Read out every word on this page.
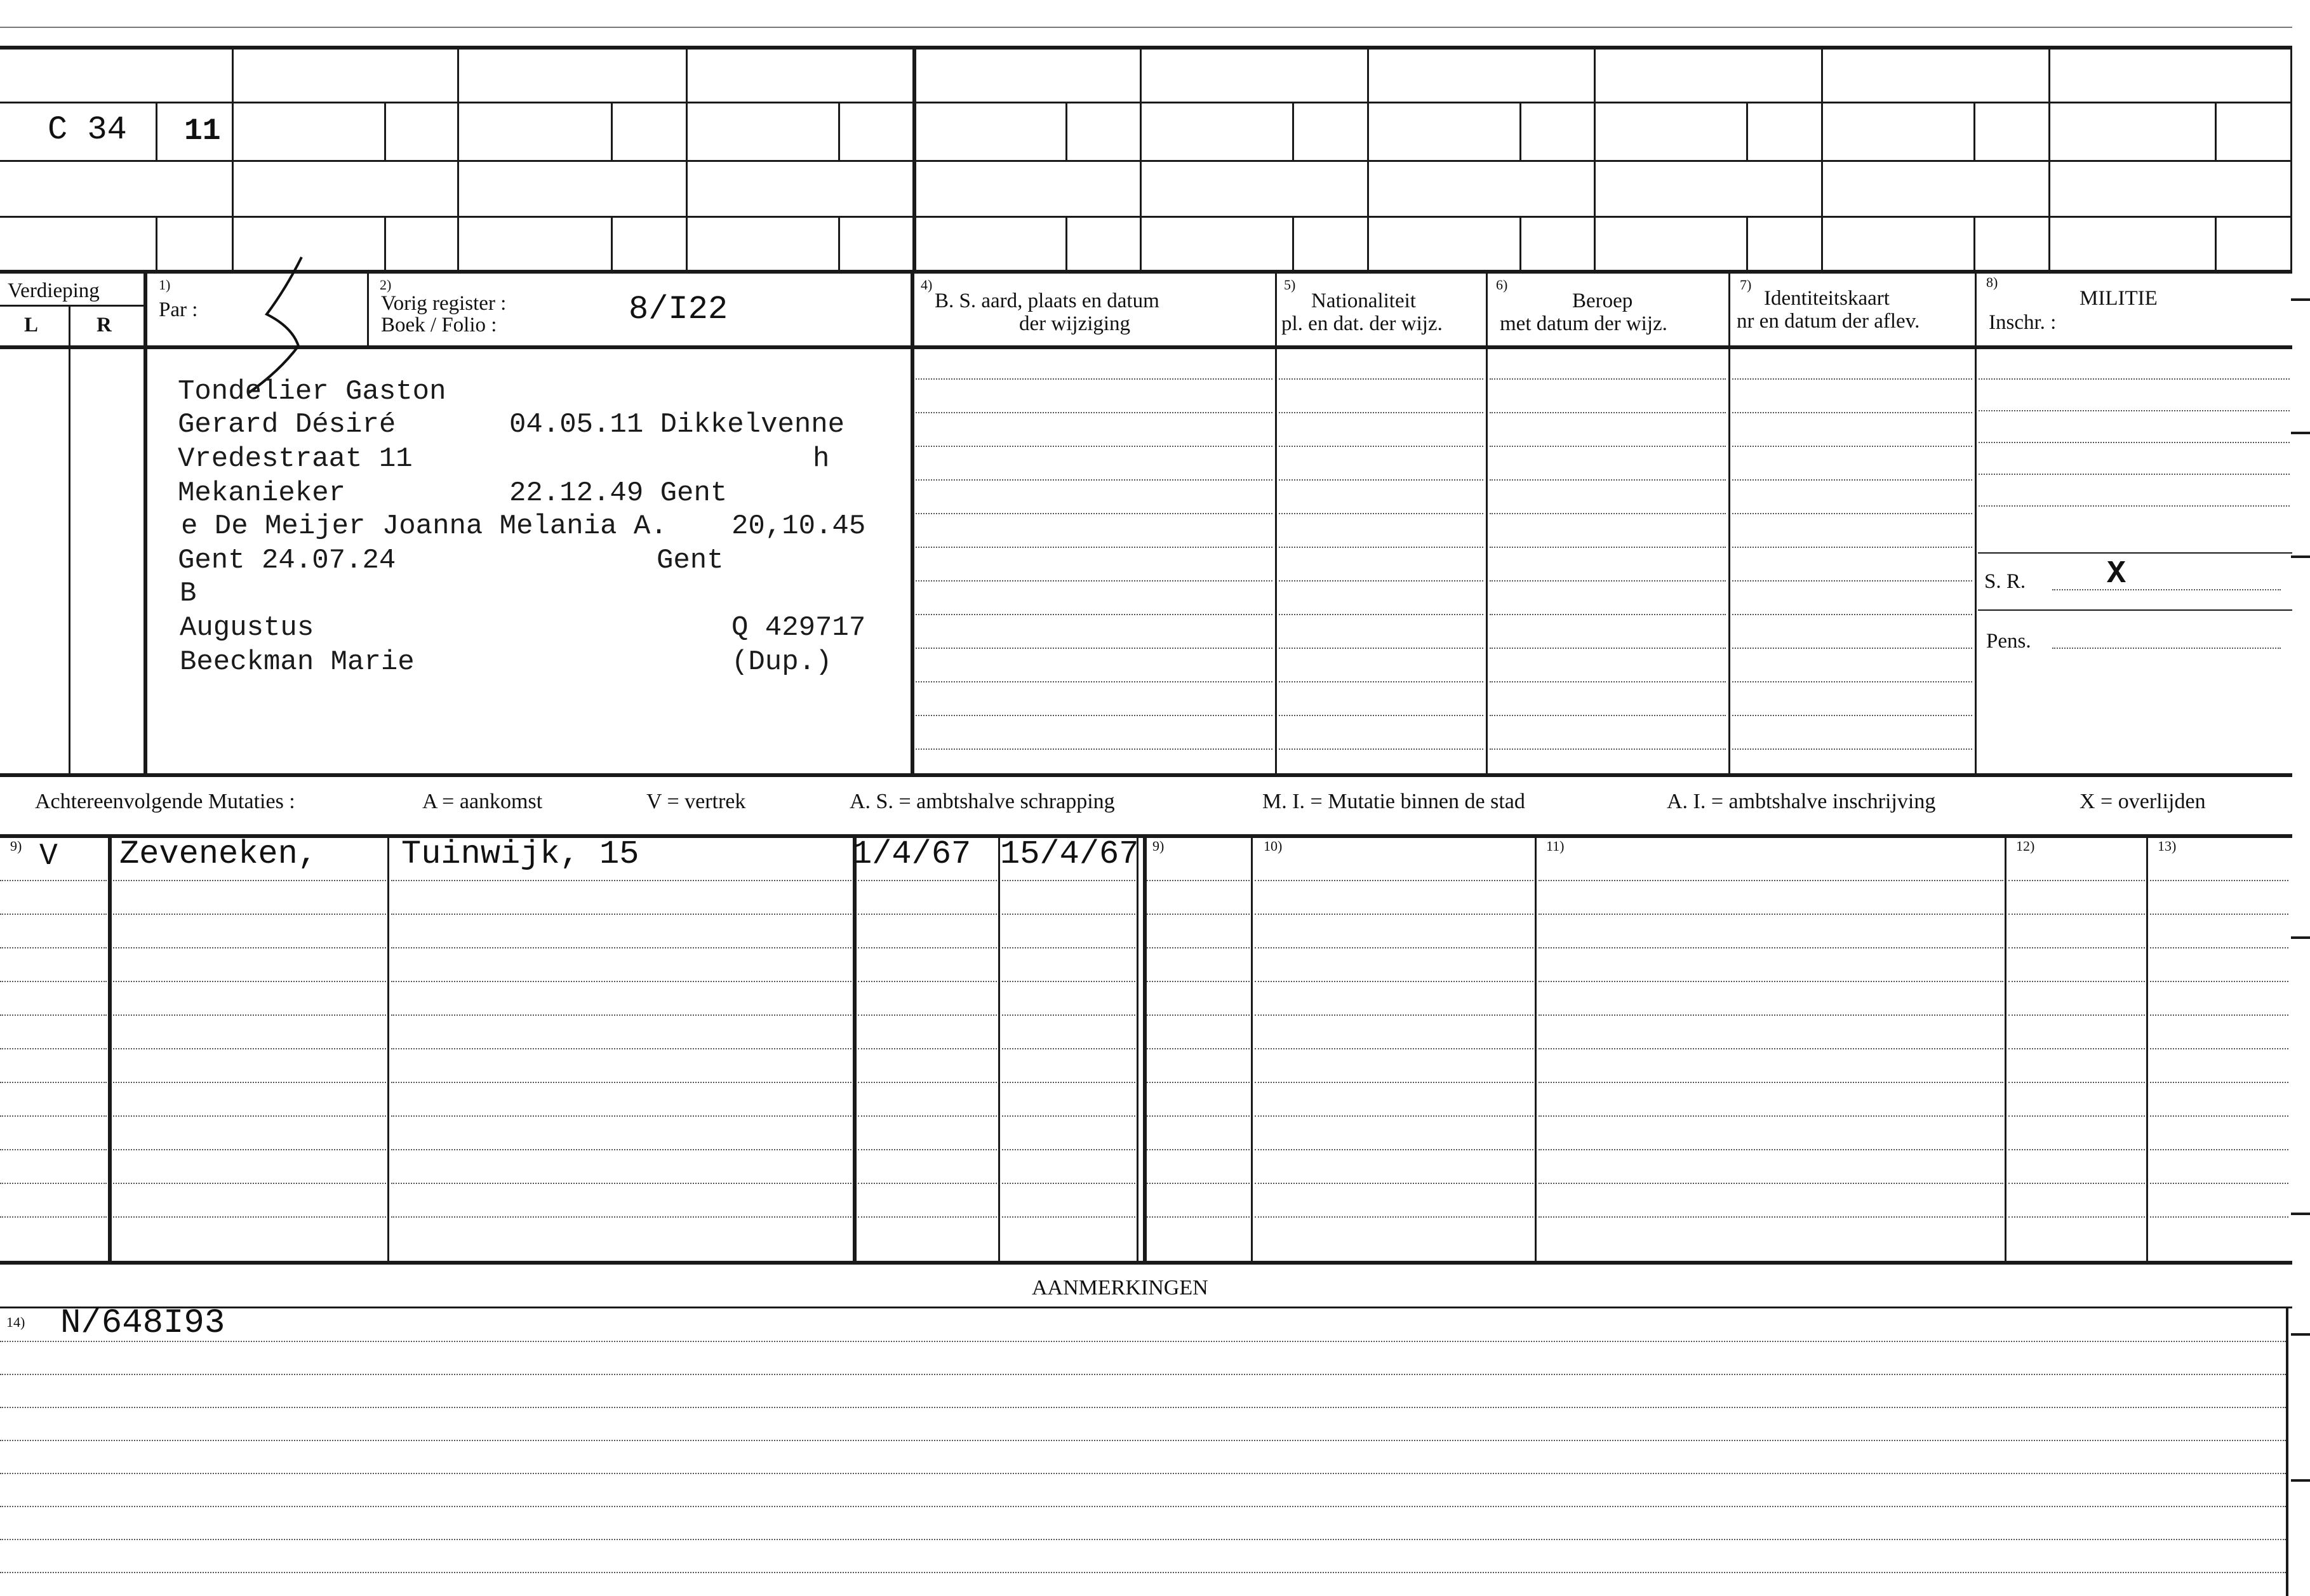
C 34 11
Verdieping
L	R
1)
Par :
2)
Vorig register :
Boek / Folio :	8/I22
4)
B. S. aard, plaats en datum
der wijziging
5)
Nationaliteit
pl. en dat. der wijz.
6)
Beroep
met datum der wijz.
7)
Identiteitskaart
nr en datum der aflev.
8)
MILITIE
Inschr. :
S. R.	X
Pens.
Tondelier Gaston
Gerard Désiré	04.05.11 Dikkelvenne
Vredestraat 11	h
Mekanieker	22.12.49 Gent
e De Meijer Joanna Melania A. 20,10.45
Gent 24.07.24	Gent
B
Augustus	Q 429717
Beeckman Marie	(Dup.)
Achtereenvolgende Mutaties :	A = aankomst	V = vertrek	A. S. = ambtshalve schrapping	M. I. = Mutatie binnen de stad	A. I. = ambtshalve inschrijving	X = overlijden
9)	9)	10)	11)	12)	13)
V Zeveneken,	Tuinwijk, 15	1/4/67 15/4/67
AANMERKINGEN
14) N/648I93
